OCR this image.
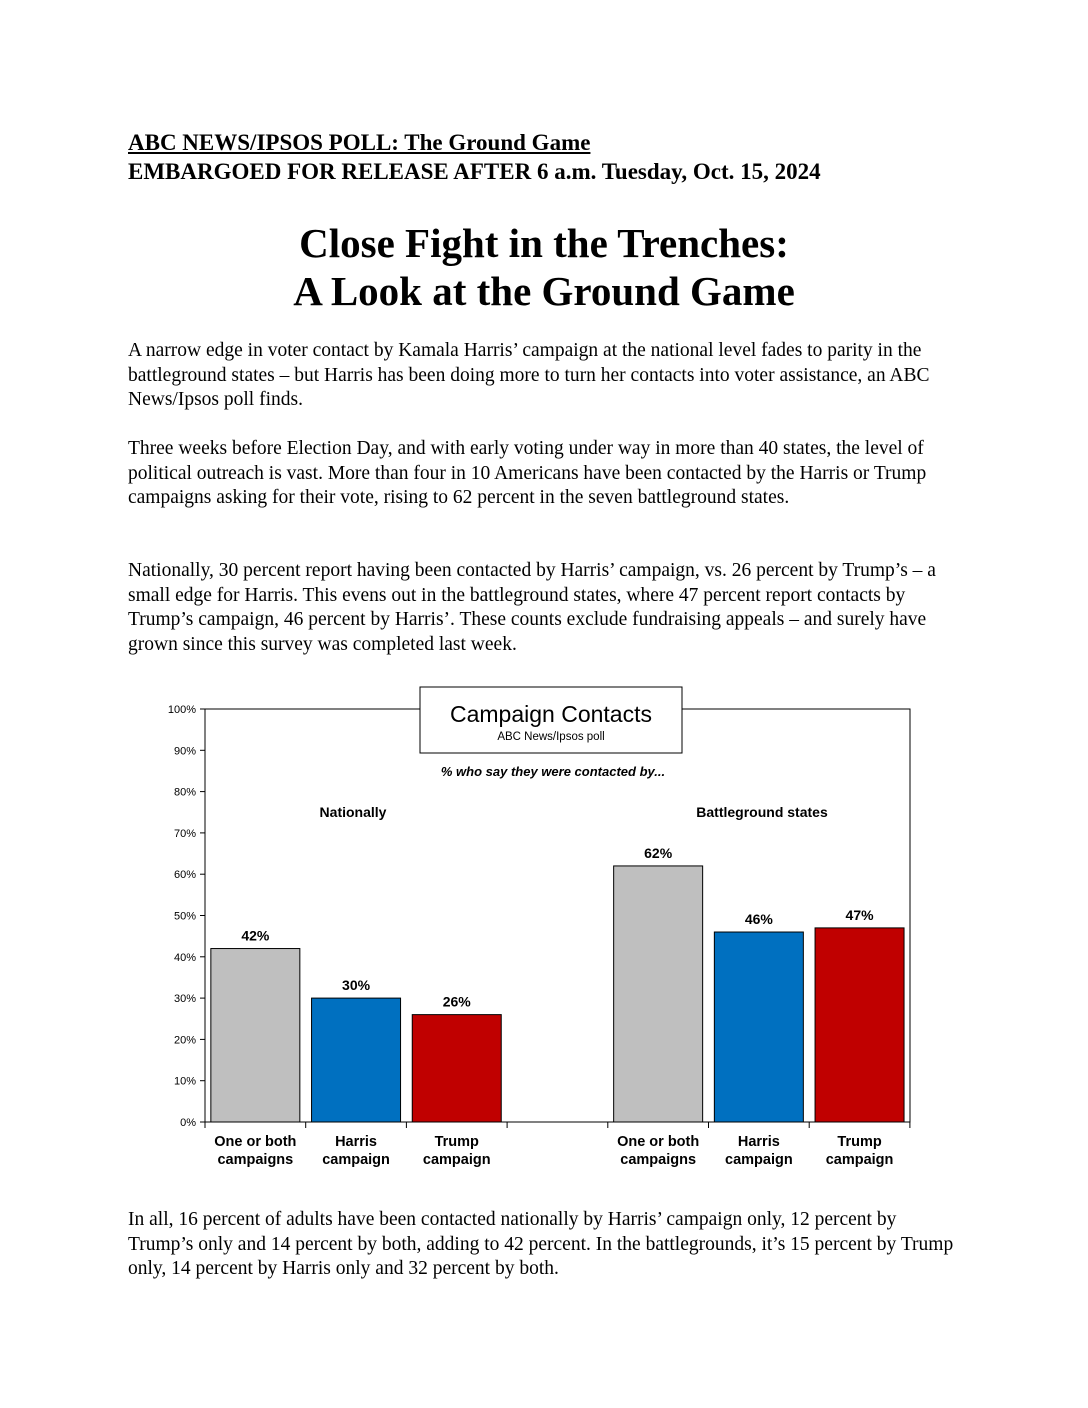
ABC NEWS/IPSOS POLL: The Ground Game
EMBARGOED FOR RELEASE AFTER 6 a.m. Tuesday, Oct. 15, 2024
Close Fight in the Trenches:
A Look at the Ground Game

A narrow edge in voter contact by Kamala Harris’ campaign at the national level fades to parity in the battleground states – but Harris has been doing more to turn her contacts into voter assistance, an ABC News/Ipsos poll finds.

Three weeks before Election Day, and with early voting under way in more than 40 states, the level of political outreach is vast. More than four in 10 Americans have been contacted by the Harris or Trump campaigns asking for their vote, rising to 62 percent in the seven battleground states.

Nationally, 30 percent report having been contacted by Harris’ campaign, vs. 26 percent by Trump’s – a small edge for Harris. This evens out in the battleground states, where 47 percent report contacts by Trump’s campaign, 46 percent by Harris’. These counts exclude fundraising appeals – and surely have grown since this survey was completed last week.

0%
10%
20%
30%
40%
50%
60%
70%
80%
90%
100%
42%
30%
26%
62%
46%	47%
One or both campaigns
Harris campaign
Trump campaign
One or both campaigns
Harris campaign
Trump campaign
Campaign Contacts
ABC News/Ipsos poll
% who say they were contacted by...
Nationally	Battleground states

In all, 16 percent of adults have been contacted nationally by Harris’ campaign only, 12 percent by Trump’s only and 14 percent by both, adding to 42 percent. In the battlegrounds, it’s 15 percent by Trump only, 14 percent by Harris only and 32 percent by both.
